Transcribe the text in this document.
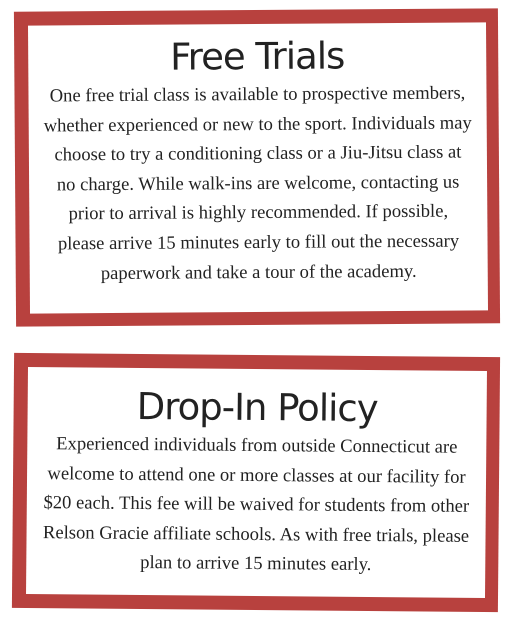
Free Trials

One free trial class is available to prospective members, whether experienced or new to the sport. Individuals may choose to try a conditioning class or a Jiu-Jitsu class at no charge. While walk-ins are welcome, contacting us prior to arrival is highly recommended. If possible, please arrive 15 minutes early to fill out the necessary paperwork and take a tour of the academy.

Drop-In Policy

Experienced individuals from outside Connecticut are welcome to attend one or more classes at our facility for $20 each. This fee will be waived for students from other Relson Gracie affiliate schools. As with free trials, please plan to arrive 15 minutes early.
